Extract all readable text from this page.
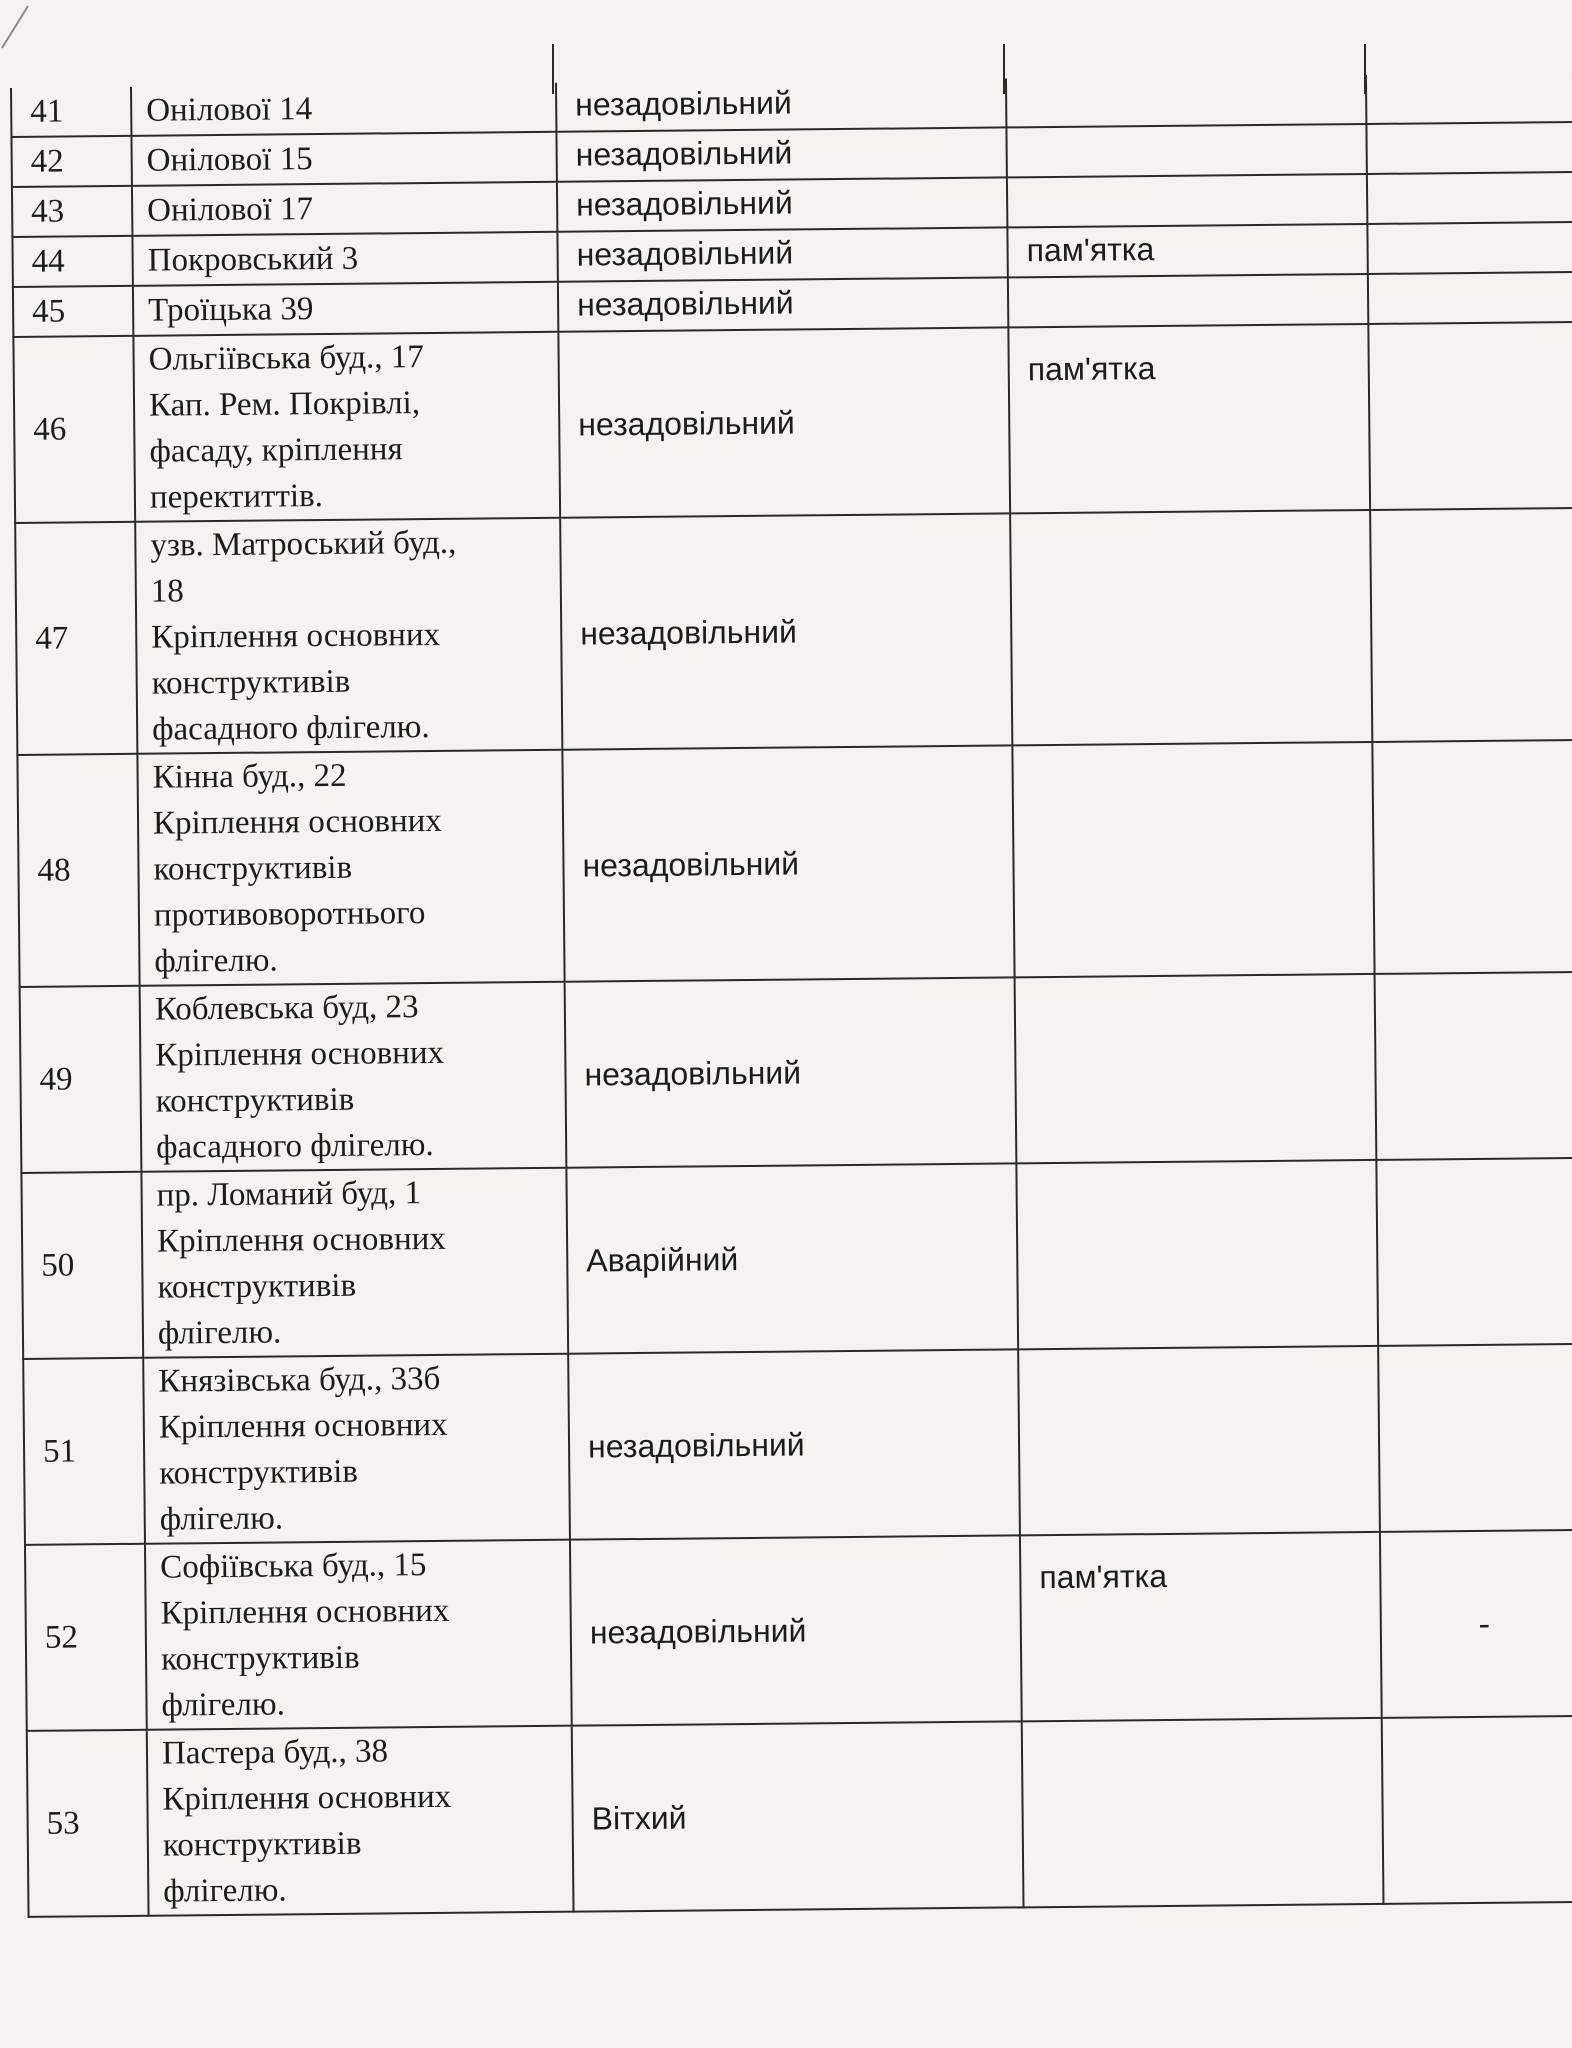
41	Онілової 14	незадовільний		
42	Онілової 15	незадовільний		
43	Онілової 17	незадовільний		
44	Покровський 3	незадовільний	пам'ятка	
45	Троїцька 39	незадовільний		
46	Ольгіївська буд., 17
Кап. Рем. Покрівлі,
фасаду, кріплення
перектиттів.	незадовільний	пам'ятка	
47	узв. Матроський буд.,
18
Кріплення основних
конструктивів
фасадного флігелю.	незадовільний		
48	Кінна буд., 22
Кріплення основних
конструктивів
противоворотнього
флігелю.	незадовільний		
49	Коблевська буд, 23
Кріплення основних
конструктивів
фасадного флігелю.	незадовільний		
50	пр. Ломаний буд, 1
Кріплення основних
конструктивів
флігелю.	Аварійний		
51	Князівська буд., 33б
Кріплення основних
конструктивів
флігелю.	незадовільний		
52	Софіївська буд., 15
Кріплення основних
конструктивів
флігелю.	незадовільний	пам'ятка	-
53	Пастера буд., 38
Кріплення основних
конструктивів
флігелю.	Вітхий		
